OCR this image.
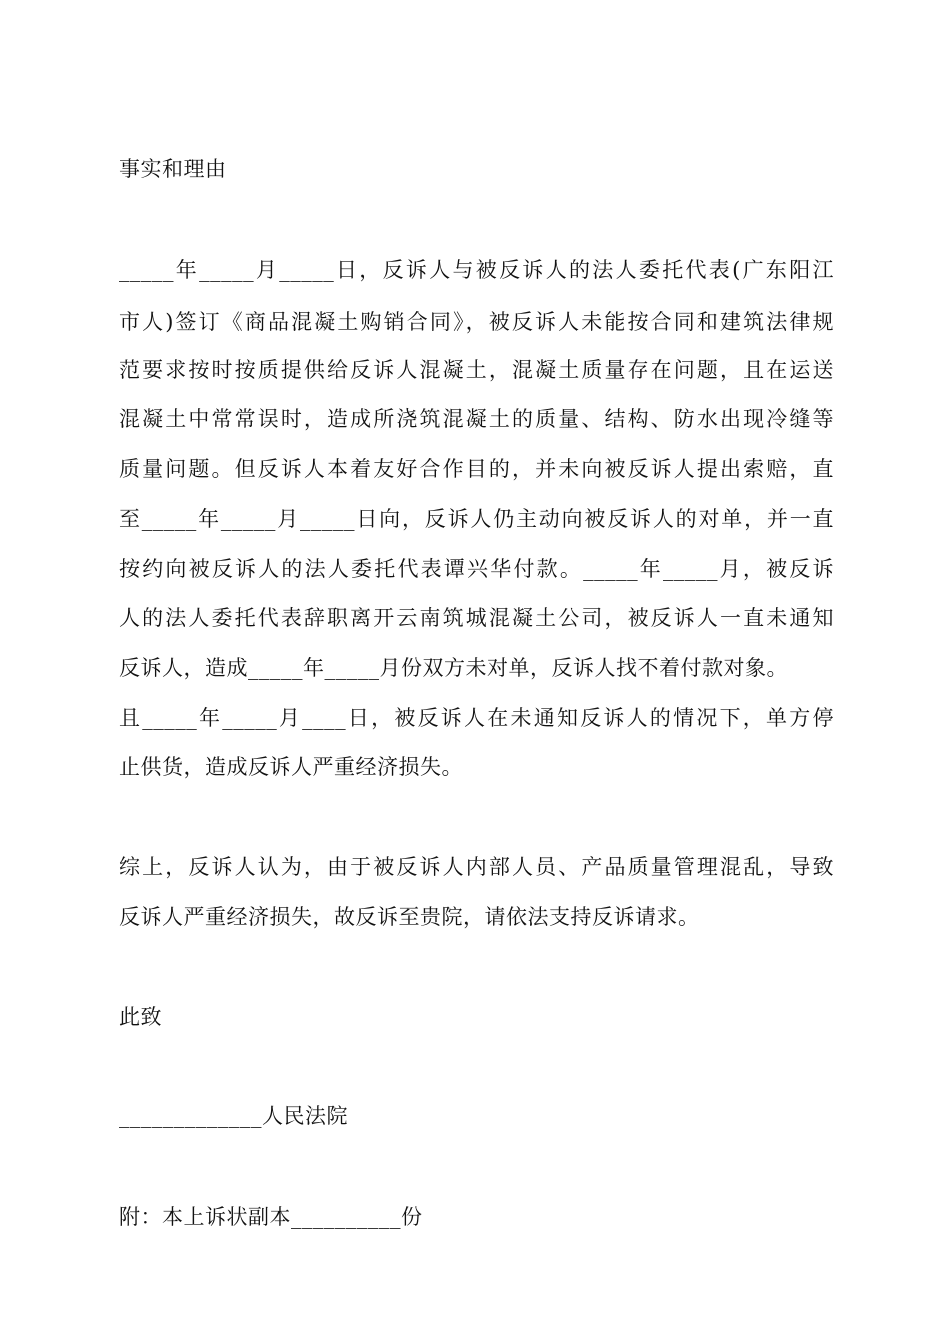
事实和理由
_____年_____月_____日，反诉人与被反诉人的法人委托代表(广东阳江
市人)签订《商品混凝土购销合同》，被反诉人未能按合同和建筑法律规
范要求按时按质提供给反诉人混凝土，混凝土质量存在问题，且在运送
混凝土中常常误时，造成所浇筑混凝土的质量、结构、防水出现冷缝等
质量问题。但反诉人本着友好合作目的，并未向被反诉人提出索赔，直
至_____年_____月_____日向，反诉人仍主动向被反诉人的对单，并一直
按约向被反诉人的法人委托代表谭兴华付款。_____年_____月，被反诉
人的法人委托代表辞职离开云南筑城混凝土公司，被反诉人一直未通知
反诉人，造成_____年_____月份双方未对单，反诉人找不着付款对象。
且_____年_____月____日，被反诉人在未通知反诉人的情况下，单方停
止供货，造成反诉人严重经济损失。
综上，反诉人认为，由于被反诉人内部人员、产品质量管理混乱，导致
反诉人严重经济损失，故反诉至贵院，请依法支持反诉请求。
此致
_____________人民法院
附：本上诉状副本__________份
